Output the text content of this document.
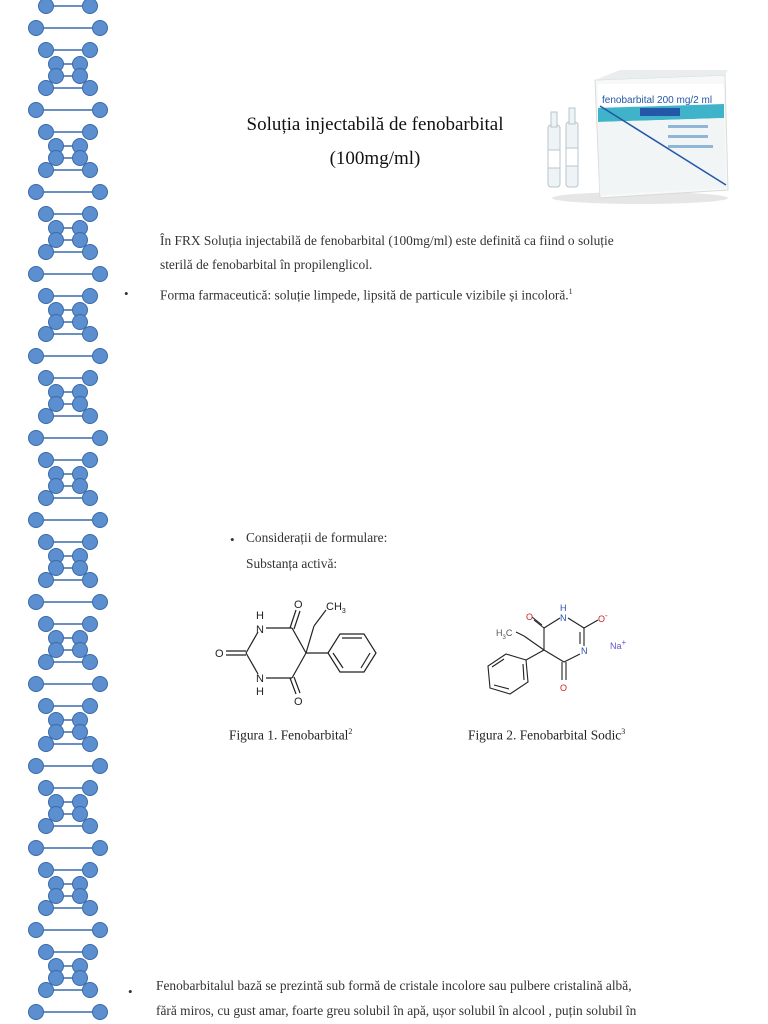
Soluția injectabilă de fenobarbital
(100mg/ml)
fenobarbital 200 mg/2 ml
În FRX Soluția injectabilă de fenobarbital (100mg/ml) este definită ca fiind o soluție
sterilă de fenobarbital în propilenglicol.
• Forma farmaceutică: soluție limpede, lipsită de particule vizibile și incoloră.$^1$
• Considerații de formulare:
Substanța activă:
H
N
N
H
O
O
O
$CH_3$	H
N	O-
N	Na+
O
O
$H_3C$
Figura 1. Fenobarbital$^2$	Figura 2. Fenobarbital Sodic$^3$
• Fenobarbitalul bază se prezintă sub formă de cristale incolore sau pulbere cristalină albă,
fără miros, cu gust amar, foarte greu solubil în apă, ușor solubil în alcool , puțin solubil în
